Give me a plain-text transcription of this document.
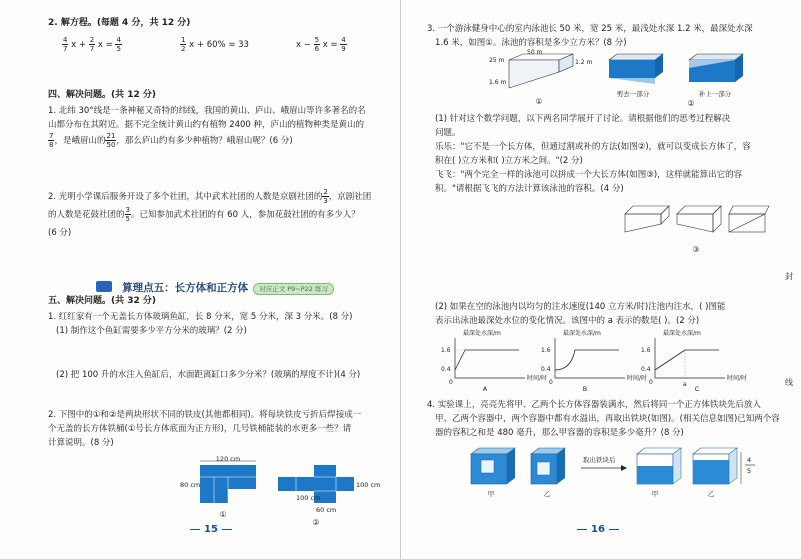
2. 解方程。(每题 4 分，共 12 分)
$\frac{4}{7}$ $x + \frac{2}{7}$ $x = \frac{4}{5}$	$\frac{1}{2}$ x + 60% = 33	$x - \frac{5}{6}$ $x = \frac{4}{9}$
四、解决问题。(共 12 分)
1. 北纬 30°线是一条神秘又奇特的纬线，我国的黄山、庐山、峨眉山等许多著名的名
山都分布在其附近。据不完全统计黄山约有植物 2400 种，庐山的植物种类是黄山的
$\frac{7}{8}$ ，是峨眉山的 $\frac{21}{50}$ ，那么庐山约有多少种植物？峨眉山呢？(6 分)
2. 光明小学课后服务开设了多个社团，其中武术社团的人数是京剧社团的 $\frac{2}{3}$ ，京剧社团
的人数是花鼓社团的 $\frac{3}{5}$ 。已知参加武术社团的有 60 人，参加花鼓社团的有多少人？
(6 分)
算理点五：长方体和正方体 对应正文 P9~P22 练习
五、解决问题。(共 32 分)
1. 红红家有一个无盖长方体玻璃鱼缸，长 8 分米，宽 5 分米，深 3 分米。(8 分)
(1) 制作这个鱼缸需要多少平方分米的玻璃？(2 分)
(2) 把 100 升的水注入鱼缸后，水面距离缸口多少分米？(玻璃的厚度不计)(4 分)
2. 下图中的①和②是两块形状不同的铁皮(其他都相同)。将每块铁皮亏折后焊接成一
个无盖的长方体铁桶(①号长方体底面为正方形)，几号铁桶能装的水更多一些？请
计算说明。(8 分)
120 cm
80 cm
①
100 cm
100 cm
60 cm
②
15
3. 一个游泳健身中心的室内泳池长 50 米，宽 25 米，最浅处水深 1.2 米，最深处水深
1.6 米，如图①。泳池的容积是多少立方米？(8 分)
50 m
25 m	1.2 m
1.6 m
①
剪去一部分	补上一部分
②
(1) 针对这个数学问题，以下两名同学展开了讨论。请根据他们的思考过程解决
问题。
乐乐："它不是一个长方体，但通过割或补的方法(如图②)，就可以变成长方体了，容
积在( )立方米和( )立方米之间。"(2 分)
飞飞："两个完全一样的泳池可以拼成一个大长方体(如图③)，这样就能算出它的容
积。"请根据飞飞的方法计算该泳池的容积。(4 分)
③
(2) 如果在空的泳池内以均匀的注水速度(140 立方米/时)注池内注水，( )图能
表示出泳池最深处水位的变化情况。该图中的 a 表示的数是( )。(2 分)
最深处水深/m
1.6
0.4
0
时间/时
A
最深处水深/m
1.6
0.4
0
时间/时
B
最深处水深/m
1.6
0.4
0	a
时间/时
C
4. 实验课上，亮亮先将甲、乙两个长方体容器装满水，然后将同一个正方体铁块先后放入
甲、乙两个容器中，两个容器中都有水溢出，再取出铁块(如图)。(相关信息如图)已知两个容
器的容积之和是 480 毫升，那么甲容器的容积是多少毫升？(8 分)
甲	乙
取出铁块后
甲	乙
4
5
封
线
16
